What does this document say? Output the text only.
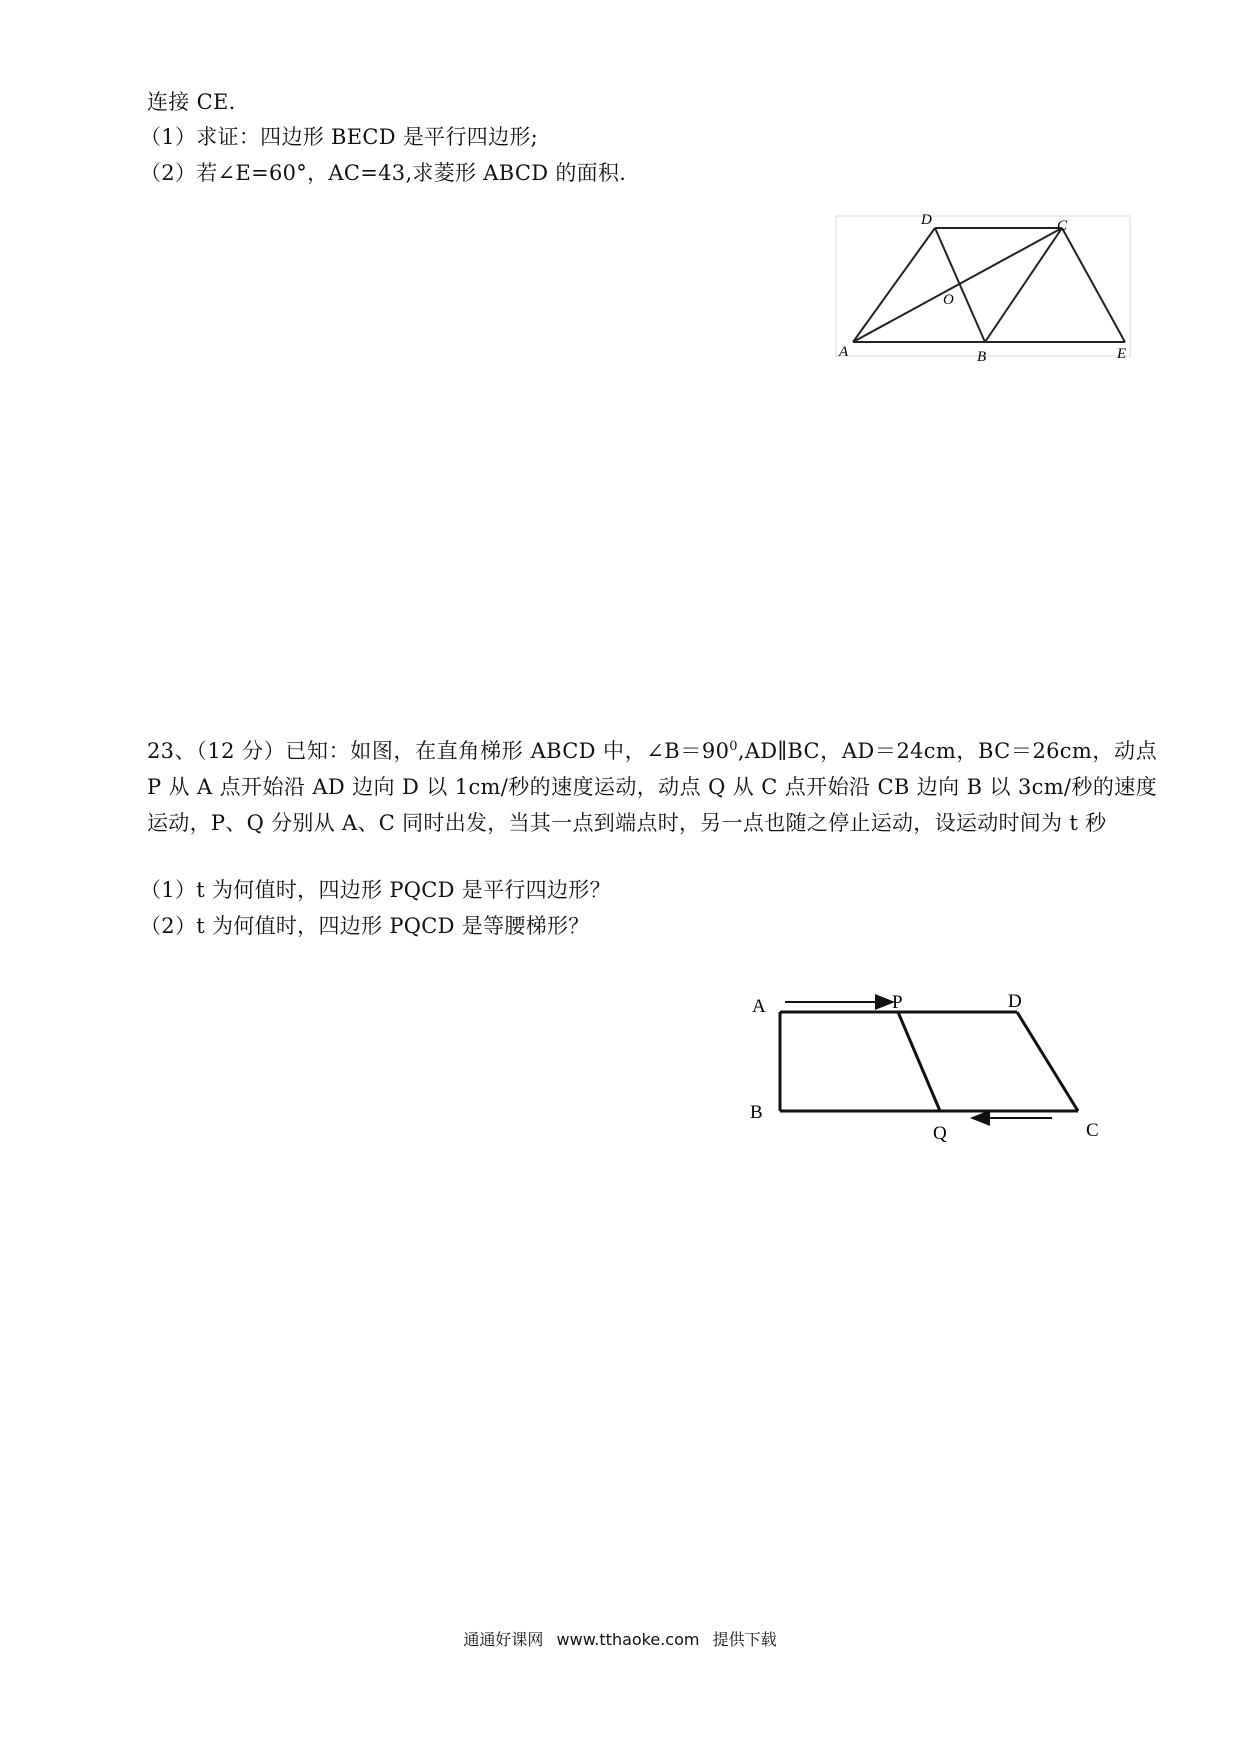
连接 CE.
（1）求证：四边形 BECD 是平行四边形;
（2）若∠E=60°，AC=43,求菱形 ABCD 的面积.
D	C
O
A	B	E
23、（12 分）已知：如图，在直角梯形 ABCD 中，$\angle B=90^0,AD\parallel BC$，AD＝24cm，BC＝26cm，动点 P 从 A 点开始沿 AD 边向 D 以 1cm/秒的速度运动，动点 Q 从 C 点开始沿 CB 边向 B 以 3cm/秒的速度运动，P、Q 分别从 A、C 同时出发，当其一点到端点时，另一点也随之停止运动，设运动时间为 t 秒
（1）t 为何值时，四边形 PQCD 是平行四边形？
（2）t 为何值时，四边形 PQCD 是等腰梯形？
A	P	D
B
Q	C
通通好课网 www.tthaoke.com 提供下载
